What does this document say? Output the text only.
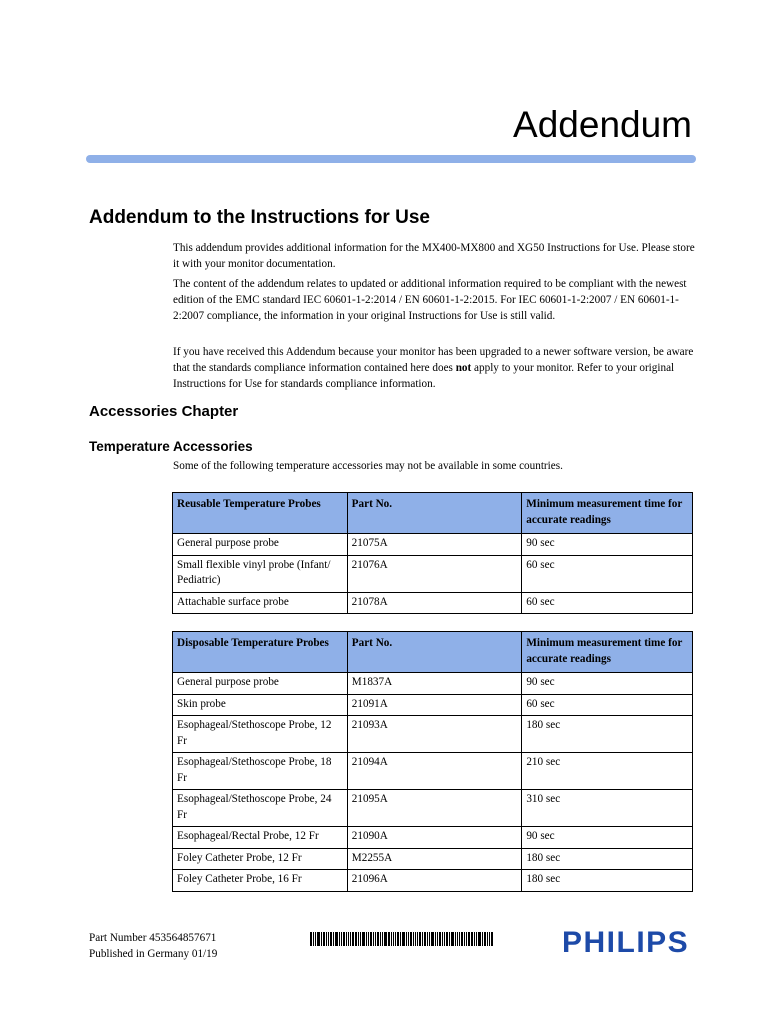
Addendum
Addendum to the Instructions for Use

This addendum provides additional information for the MX400-MX800 and XG50 Instructions for Use. Please store it with your monitor documentation.

The content of the addendum relates to updated or additional information required to be compliant with the newest edition of the EMC standard IEC 60601-1-2:2014 / EN 60601-1-2:2015. For IEC 60601-1-2:2007 / EN 60601-1-2:2007 compliance, the information in your original Instructions for Use is still valid.

If you have received this Addendum because your monitor has been upgraded to a newer software version, be aware that the standards compliance information contained here does not apply to your monitor. Refer to your original Instructions for Use for standards compliance information.

Accessories Chapter
Temperature Accessories

Some of the following temperature accessories may not be available in some countries.

Reusable Temperature Probes	Part No.	Minimum measurement time for accurate readings
General purpose probe	21075A	90 sec
Small flexible vinyl probe (Infant/ Pediatric)	21076A	60 sec
Attachable surface probe	21078A	60 sec
Disposable Temperature Probes	Part No.	Minimum measurement time for accurate readings
General purpose probe	M1837A	90 sec
Skin probe	21091A	60 sec
Esophageal/Stethoscope Probe, 12 Fr	21093A	180 sec
Esophageal/Stethoscope Probe, 18 Fr	21094A	210 sec
Esophageal/Stethoscope Probe, 24 Fr	21095A	310 sec
Esophageal/Rectal Probe, 12 Fr	21090A	90 sec
Foley Catheter Probe, 12 Fr	M2255A	180 sec
Foley Catheter Probe, 16 Fr	21096A	180 sec
Part Number 453564857671
Published in Germany 01/19	PHILIPS
